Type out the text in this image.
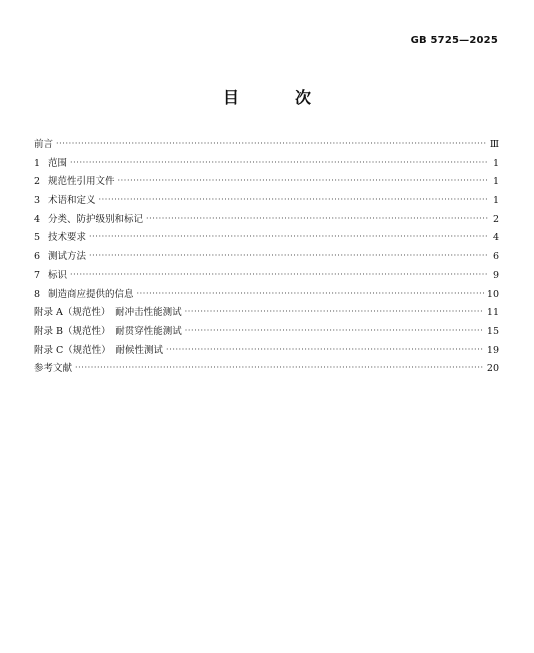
GB 5725—2025
目　次
前言 ·····	Ⅲ
1 范围 ·····	1
2 规范性引用文件 ·····	1
3 术语和定义 ·····	1
4 分类、防护级别和标记 ·····	2
5 技术要求 ·····	4
6 测试方法 ·····	6
7 标识 ·····	9
8 制造商应提供的信息 ·····	10
附录 A（规范性）　耐冲击性能测试 ·····	11
附录 B（规范性）　耐贯穿性能测试 ·····	15
附录 C（规范性）　耐候性测试 ·····	19
参考文献 ·····	20
